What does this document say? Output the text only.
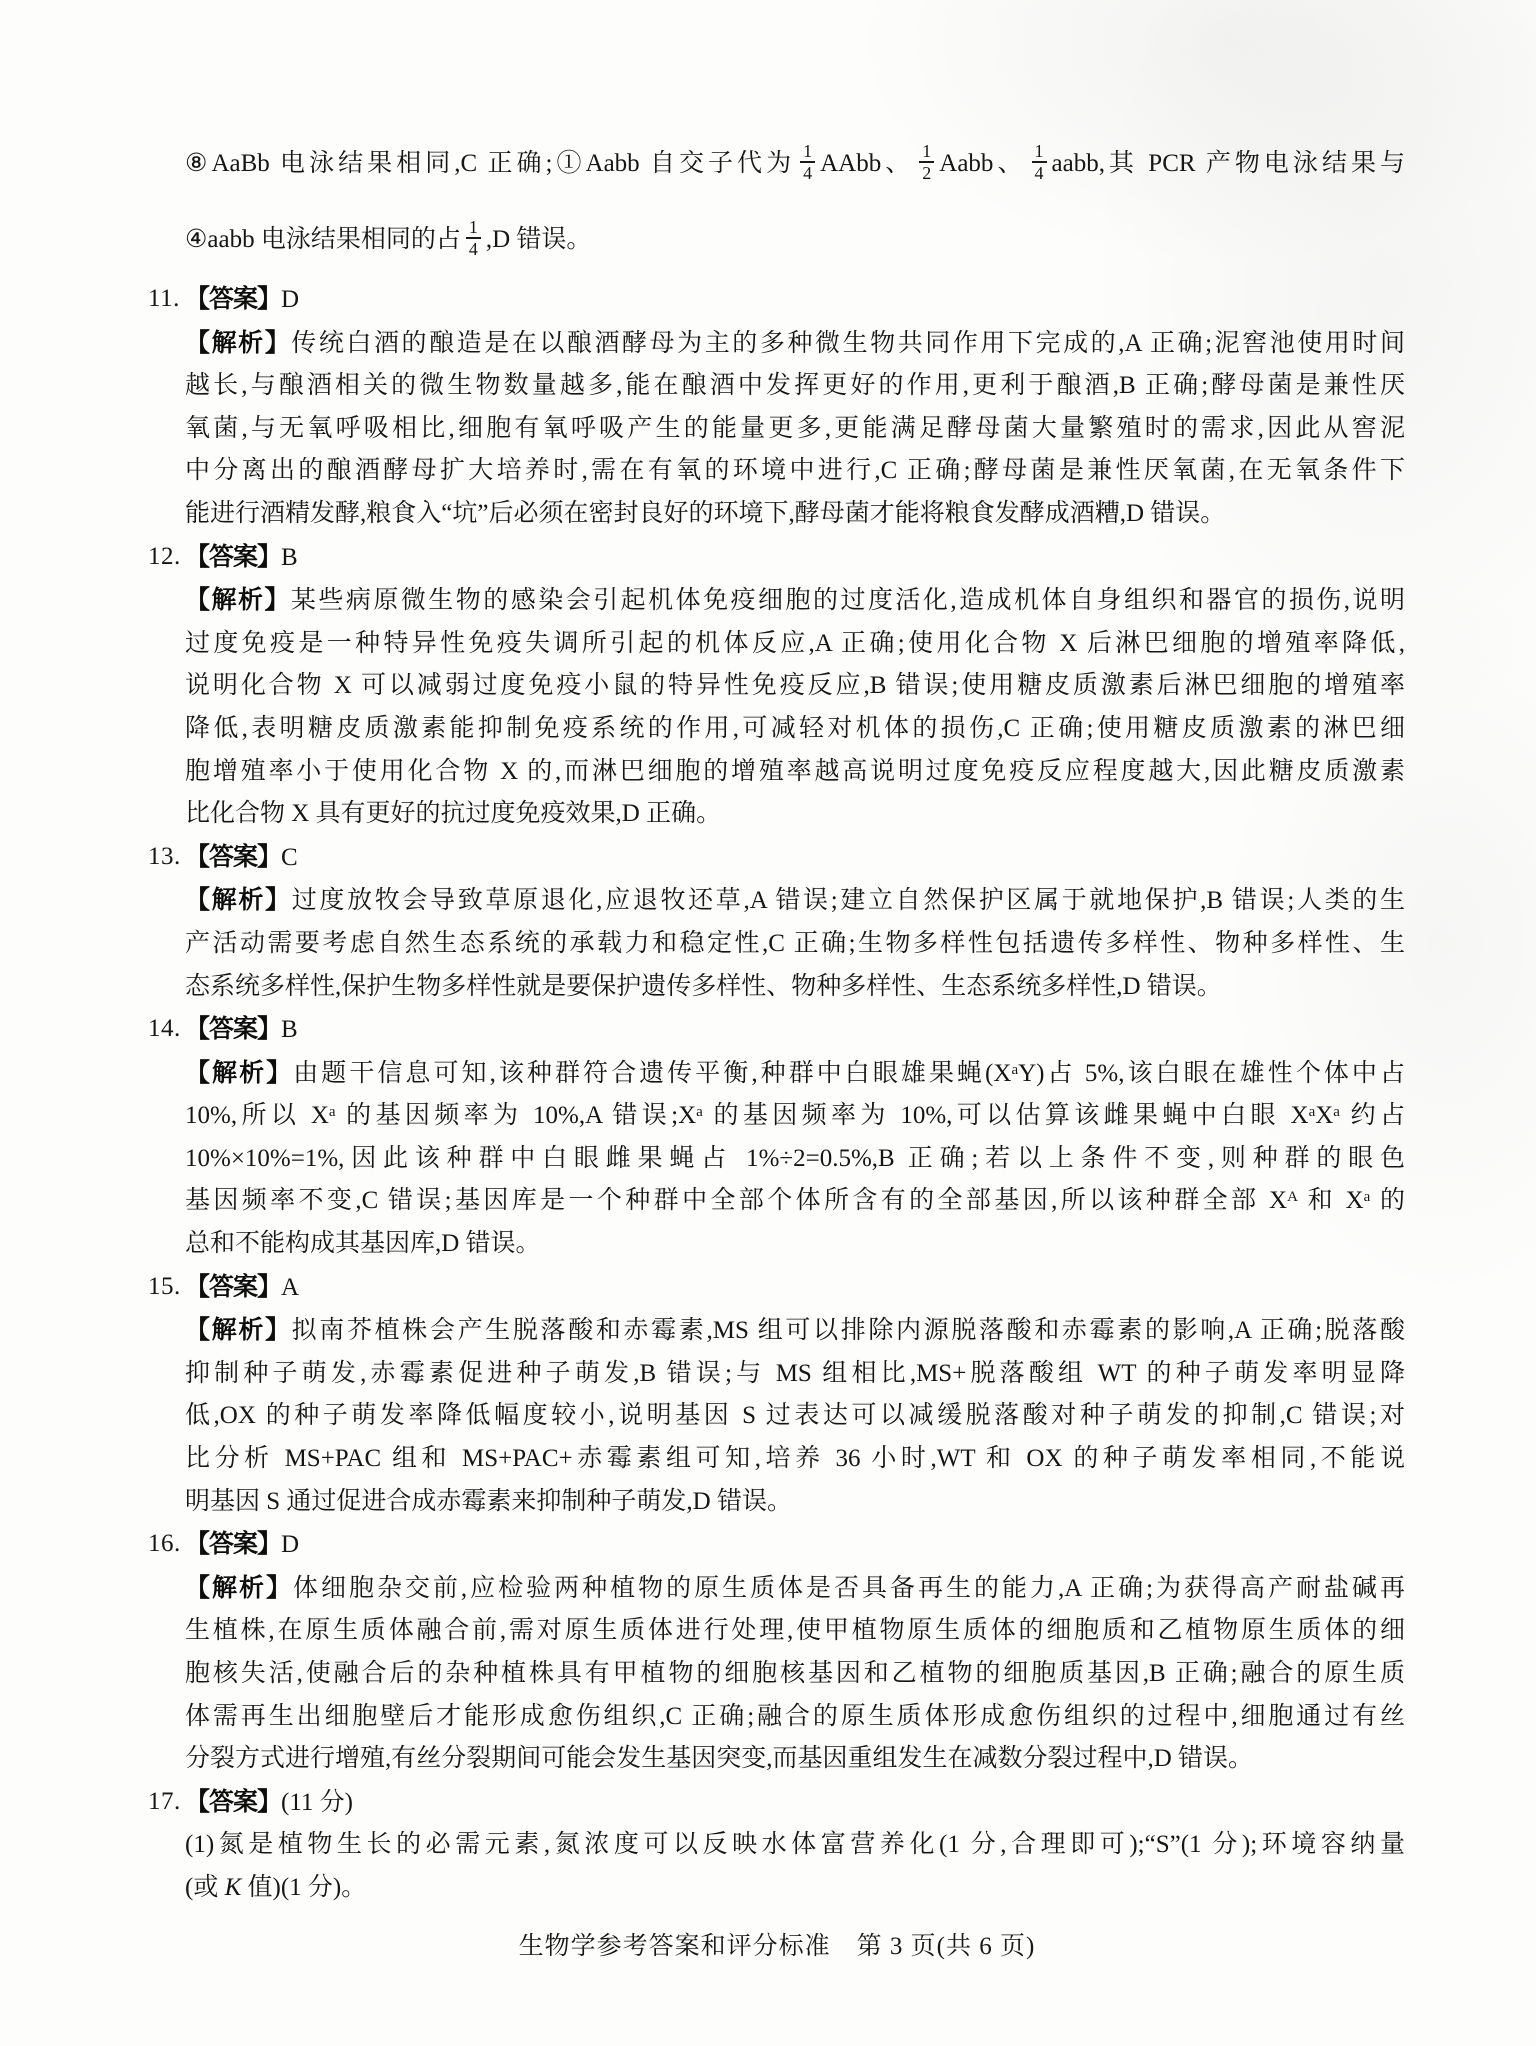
⑧AaBb 电泳结果相同,C 正确;①Aabb 自交子代为 $\frac{1}{4}$ AAbb、 $\frac{1}{2}$ Aabb、 $\frac{1}{4}$ aabb,其 PCR 产物电泳结果与
④aabb 电泳结果相同的占 $\frac{1}{4} ,D$ 错误。
11. 【答案】D
【解析】传统白酒的酿造是在以酿酒酵母为主的多种微生物共同作用下完成的,A 正确;泥窖池使用时间
越长,与酿酒相关的微生物数量越多,能在酿酒中发挥更好的作用,更利于酿酒,B 正确;酵母菌是兼性厌
氧菌,与无氧呼吸相比,细胞有氧呼吸产生的能量更多,更能满足酵母菌大量繁殖时的需求,因此从窖泥
中分离出的酿酒酵母扩大培养时,需在有氧的环境中进行,C 正确;酵母菌是兼性厌氧菌,在无氧条件下
能进行酒精发酵,粮食入“坑”后必须在密封良好的环境下,酵母菌才能将粮食发酵成酒糟,D 错误。
12. 【答案】B
【解析】某些病原微生物的感染会引起机体免疫细胞的过度活化,造成机体自身组织和器官的损伤,说明
过度免疫是一种特异性免疫失调所引起的机体反应,A 正确;使用化合物 X 后淋巴细胞的增殖率降低,
说明化合物 X 可以减弱过度免疫小鼠的特异性免疫反应,B 错误;使用糖皮质激素后淋巴细胞的增殖率
降低,表明糖皮质激素能抑制免疫系统的作用,可减轻对机体的损伤,C 正确;使用糖皮质激素的淋巴细
胞增殖率小于使用化合物 X 的,而淋巴细胞的增殖率越高说明过度免疫反应程度越大,因此糖皮质激素
比化合物 X 具有更好的抗过度免疫效果,D 正确。
13. 【答案】C
【解析】过度放牧会导致草原退化,应退牧还草,A 错误;建立自然保护区属于就地保护,B 错误;人类的生
产活动需要考虑自然生态系统的承载力和稳定性,C 正确;生物多样性包括遗传多样性、物种多样性、生
态系统多样性,保护生物多样性就是要保护遗传多样性、物种多样性、生态系统多样性,D 错误。
14. 【答案】B
【解析】由题干信息可知,该种群符合遗传平衡,种群中白眼雄果蝇$(X^aY)$占 5%,该白眼在雄性个体中占
10%,所以 $X^a$ 的基因频率为 10%,A 错误$;X^a$ 的基因频率为 10%,可以估算该雌果蝇中白眼 $X^aX^a$ 约占
10%×10%=1%,因此该种群中白眼雌果蝇占 1%÷2=0.5%,B 正确;若以上条件不变,则种群的眼色
基因频率不变,C 错误;基因库是一个种群中全部个体所含有的全部基因,所以该种群全部 $X^A$ 和 $X^a$ 的
总和不能构成其基因库,D 错误。
15. 【答案】A
【解析】拟南芥植株会产生脱落酸和赤霉素,MS 组可以排除内源脱落酸和赤霉素的影响,A 正确;脱落酸
抑制种子萌发,赤霉素促进种子萌发,B 错误;与 MS 组相比,MS+脱落酸组 WT 的种子萌发率明显降
低,OX 的种子萌发率降低幅度较小,说明基因 S 过表达可以减缓脱落酸对种子萌发的抑制,C 错误;对
比分析 MS+PAC 组和 MS+PAC+赤霉素组可知,培养 36 小时,WT 和 OX 的种子萌发率相同,不能说
明基因 S 通过促进合成赤霉素来抑制种子萌发,D 错误。
16. 【答案】D
【解析】体细胞杂交前,应检验两种植物的原生质体是否具备再生的能力,A 正确;为获得高产耐盐碱再
生植株,在原生质体融合前,需对原生质体进行处理,使甲植物原生质体的细胞质和乙植物原生质体的细
胞核失活,使融合后的杂种植株具有甲植物的细胞核基因和乙植物的细胞质基因,B 正确;融合的原生质
体需再生出细胞壁后才能形成愈伤组织,C 正确;融合的原生质体形成愈伤组织的过程中,细胞通过有丝
分裂方式进行增殖,有丝分裂期间可能会发生基因突变,而基因重组发生在减数分裂过程中,D 错误。
17. 【答案】(11 分)
(1)氮是植物生长的必需元素,氮浓度可以反映水体富营养化(1 分,合理即可);“S”(1 分);环境容纳量
(或 K 值)(1 分)。
生物学参考答案和评分标准　第 3 页(共 6 页)
